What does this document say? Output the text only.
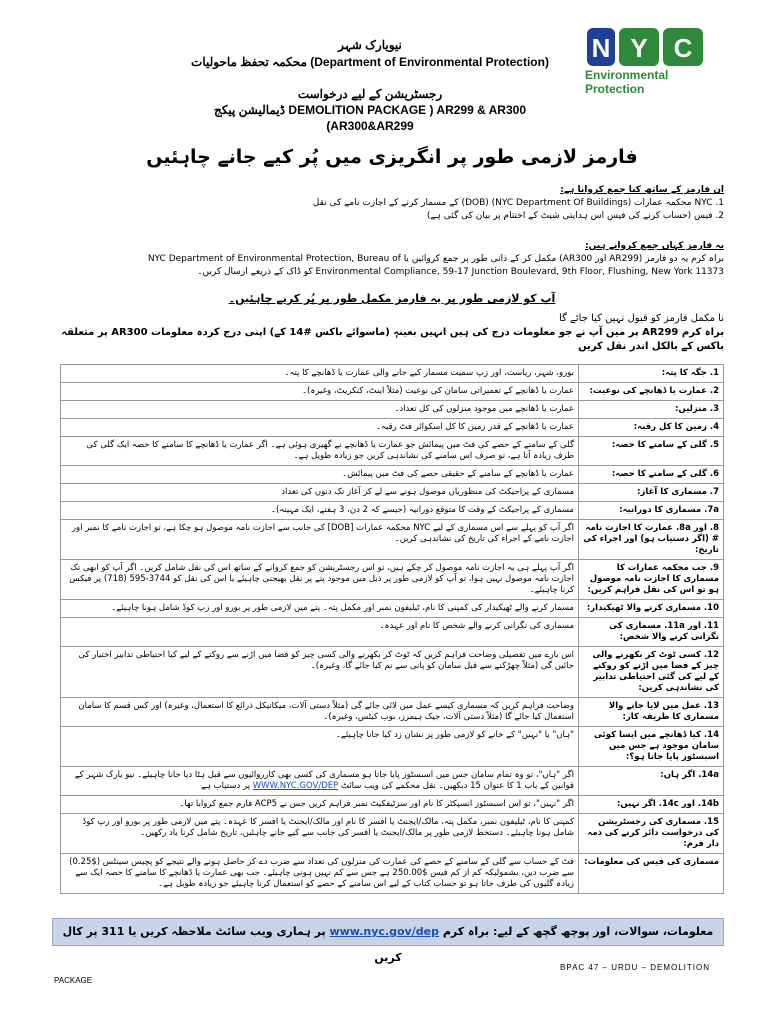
N Y C
Environmental
Protection
نیویارک شہر
(Department of Environmental Protection) محکمہ تحفظ ماحولیات
رجسٹریشن کے لیے درخواست
DEMOLITION PACKAGE ) AR299 & AR300 ڈیمالیشن پیکج
(AR300&AR299
فارمز لازمی طور پر انگریزی میں پُر کیے جانے چاہئیں
ان فارمز کے ساتھ کیا جمع کروانا ہے:
1. NYC محکمہ عمارات (NYC Department Of Buildings) (DOB) کے مسمار کرنے کے اجازت نامے کی نقل
2. فیس (حساب کرنے کی فیس اس ہدایتی شیٹ کے اختتام پر بیان کی گئی ہے)
یہ فارمز کہاں جمع کروانے ہیں:
براہ کرم یہ دو فارمز (AR299 اور AR300) مکمل کر کے ذاتی طور پر جمع کروائیں یا NYC Department of Environmental Protection, Bureau of
Environmental Compliance, 59-17 Junction Boulevard, 9th Floor, Flushing, New York 11373 کو ڈاک کے ذریعے ارسال کریں۔
آپ کو لازمی طور پر یہ فارمز مکمل طور پر پُر کرنے چاہئیں۔
نا مکمل فارمز کو قبول نہیں کیا جائے گا
براہ کرم AR299 پر میں آپ نے جو معلومات درج کی ہیں انہیں بعینہٖ (ماسوائے باکس #14 کے) اپنی درج کردہ معلومات AR300 پر متعلقہ باکس کے بالکل اندر نقل کریں
1. جگہ کا پتہ:	بورو، شہر، ریاست، اور زپ سمیت مسمار کیے جانے والی عمارت یا ڈھانچے کا پتہ۔
2. عمارت یا ڈھانچے کی نوعیت:	عمارت یا ڈھانچے کے تعمیراتی سامان کی نوعیت (مثلاً اینٹ، کنکریٹ، وغیرہ)۔
3. منزلیں:	عمارت یا ڈھانچے میں موجود منزلوں کی کل تعداد۔
4. زمین کا کل رقبہ:	عمارت یا ڈھانچے کے قدر زمین کا کل اسکوائر فٹ رقبہ۔
5. گلی کے سامنے کا حصہ:	گلی کے سامنے کے حصے کی فٹ میں پیمائش جو عمارت یا ڈھانچے نے گھیری ہوئی ہے۔ اگر عمارت یا ڈھانچے کا سامنے کا حصہ ایک گلی کی طرف زیادہ آتا ہے، تو صرف اس سامنے کی نشاندہی کریں جو زیادہ طویل ہے۔
6. گلی کے سامنے کا حصہ:	عمارت یا ڈھانچے کے سامنے کے حقیقی حصے کی فٹ میں پیمائش۔
7. مسماری کا آغاز:	مسماری کے پراجیکٹ کی منظوریاں موصول ہونے سے لے کر آغاز تک دنوں کی تعداد
7a. مسماری کا دورانیہ:	مسماری کے پراجیکٹ کے وقت کا متوقع دورانیہ (جیسے کہ 2 دن، 3 ہفتے، ایک مہینہ)۔
8. اور 8a. عمارت کا اجازت نامہ # (اگر دستیاب ہو) اور اجراء کی تاریخ:	اگر آپ کو پہلے سے اس مسماری کے لیے NYC محکمہ عمارات [DOB] کی جانب سے اجازت نامہ موصول ہو چکا ہے، تو اجازت نامے کا نمبر اور اجازت نامے کے اجراء کی تاریخ کی نشاندہی کریں۔
9. جب محکمہ عمارات کا مسماری کا اجازت نامہ موصول ہو تو اس کی نقل فراہم کریں:	اگر آپ پہلے ہی یہ اجازت نامہ موصول کر چکے ہیں، تو اس رجسٹریشن کو جمع کروانے کے ساتھ اس کی نقل شامل کریں۔ اگر آپ کو ابھی تک اجازت نامہ موصول نہیں ہوا، تو آپ کو لازمی طور پر ذیل میں موجود پتے پر نقل بھیجنی چاہیئے یا اس کی نقل کو 3744-595 (718) پر فیکس کرنا چاہیئے۔
10. مسماری کرنے والا ٹھیکیدار:	مسمار کرنے والے ٹھیکیدار کی کمپنی کا نام، ٹیلیفون نمبر اور مکمل پتہ۔ پتے میں لازمی طور پر بورو اور زپ کوڈ شامل ہونا چاہیئے۔
11. اور 11a. مسماری کی نگرانی کرنے والا شخص:	مسماری کی نگرانی کرنے والے شخص کا نام اور عہدہ۔
12. کسی ٹوٹ کر بکھرنے والی چیز کے فضا میں اڑنے کو روکنے کے لیے کی گئی احتیاطی تدابیر کی نشاندہی کریں:	اس بارے میں تفصیلی وضاحت فراہم کریں کہ ٹوٹ کر بکھرنے والی کسی چیز کو فضا میں اڑنے سے روکنے کے لیے کیا احتیاطی تدابیر اختیار کی جائیں گی (مثلاً چھڑکنے سے قبل سامان کو پانی سے نم کیا جائے گا، وغیرہ)۔
13. عمل میں لایا جانے والا مسماری کا طریقہ کار:	وضاحت فراہم کریں کہ مسماری کیسے عمل میں لائی جائے گی (مثلاً دستی آلات، میکانیکل ذرائع کا استعمال، وغیرہ) اور کس قسم کا سامان استعمال کیا جائے گا (مثلاً دستی آلات، جیک ہیمرز، بوب کیٹس، وغیرہ)۔
14. کیا ڈھانچے میں ایسا کوئی سامان موجود ہے جس میں اسبسٹوز پایا جاتا ہو؟:	"ہاں" یا "نہیں" کے خانے کو لازمی طور پر نشان زد کیا جانا چاہیئے۔
14a. اگر ہاں:	اگر "ہاں"، تو وہ تمام سامان جس میں اسبسٹوز پایا جاتا ہو مسماری کی کسی بھی کارروائیوں سے قبل ہٹا دیا جانا چاہیئے۔ نیو یارک شہر کے قوانین کے باب 1 کا عنوان 15 دیکھیں۔ نقل محکمے کی ویب سائٹ WWW.NYC.GOV/DEP پر دستیاب ہے
14b. اور 14c. اگر نہیں:	اگر "نہیں"، تو اس اسبسٹوز انسپکٹر کا نام اور سرٹیفکیٹ نمبر فراہم کریں جس نے ACP5 فارم جمع کروایا تھا۔
15. مسماری کی رجسٹریشن کی درخواست دائر کرنے کی ذمہ دار فرم:	کمپنی کا نام، ٹیلیفون نمبر، مکمل پتہ، مالک/ایجنٹ یا افسر کا نام اور مالک/ایجنٹ یا افسر کا عہدہ۔ پتے میں لازمی طور پر بورو اور زپ کوڈ شامل ہونا چاہیئے۔ دستخط لازمی طور پر مالک/ایجنٹ یا افسر کی جانب سے کیے جانے چاہئیں، تاریخ شامل کرنا یاد رکھیں۔
مسماری کی فیس کی معلومات:	فٹ کے حساب سے گلی کے سامنے کے حصے کی عمارت کی منزلوں کی تعداد سے ضرب دے کر حاصل ہونے والے نتیجے کو پچیس سینٹس ($0.25) سے ضرب دیں، بشمولیکہ کم از کم فیس $250.00 ہے جس سے کم نہیں ہونی چاہیئے۔ جب بھی عمارت یا ڈھانچے کا سامنے کا حصہ ایک سے زیادہ گلیوں کی طرف جاتا ہو تو حساب کتاب کے لیے اس سامنے کے حصے کو استعمال کرنا چاہیئے جو زیادہ طویل ہے۔
معلومات، سوالات، اور پوچھ گچھ کے لیے: براہ کرم www.nyc.gov/dep پر ہماری ویب سائٹ ملاحظہ کریں یا 311 پر کال کریں
BPAC 47 – URDU – DEMOLITION
PACKAGE
